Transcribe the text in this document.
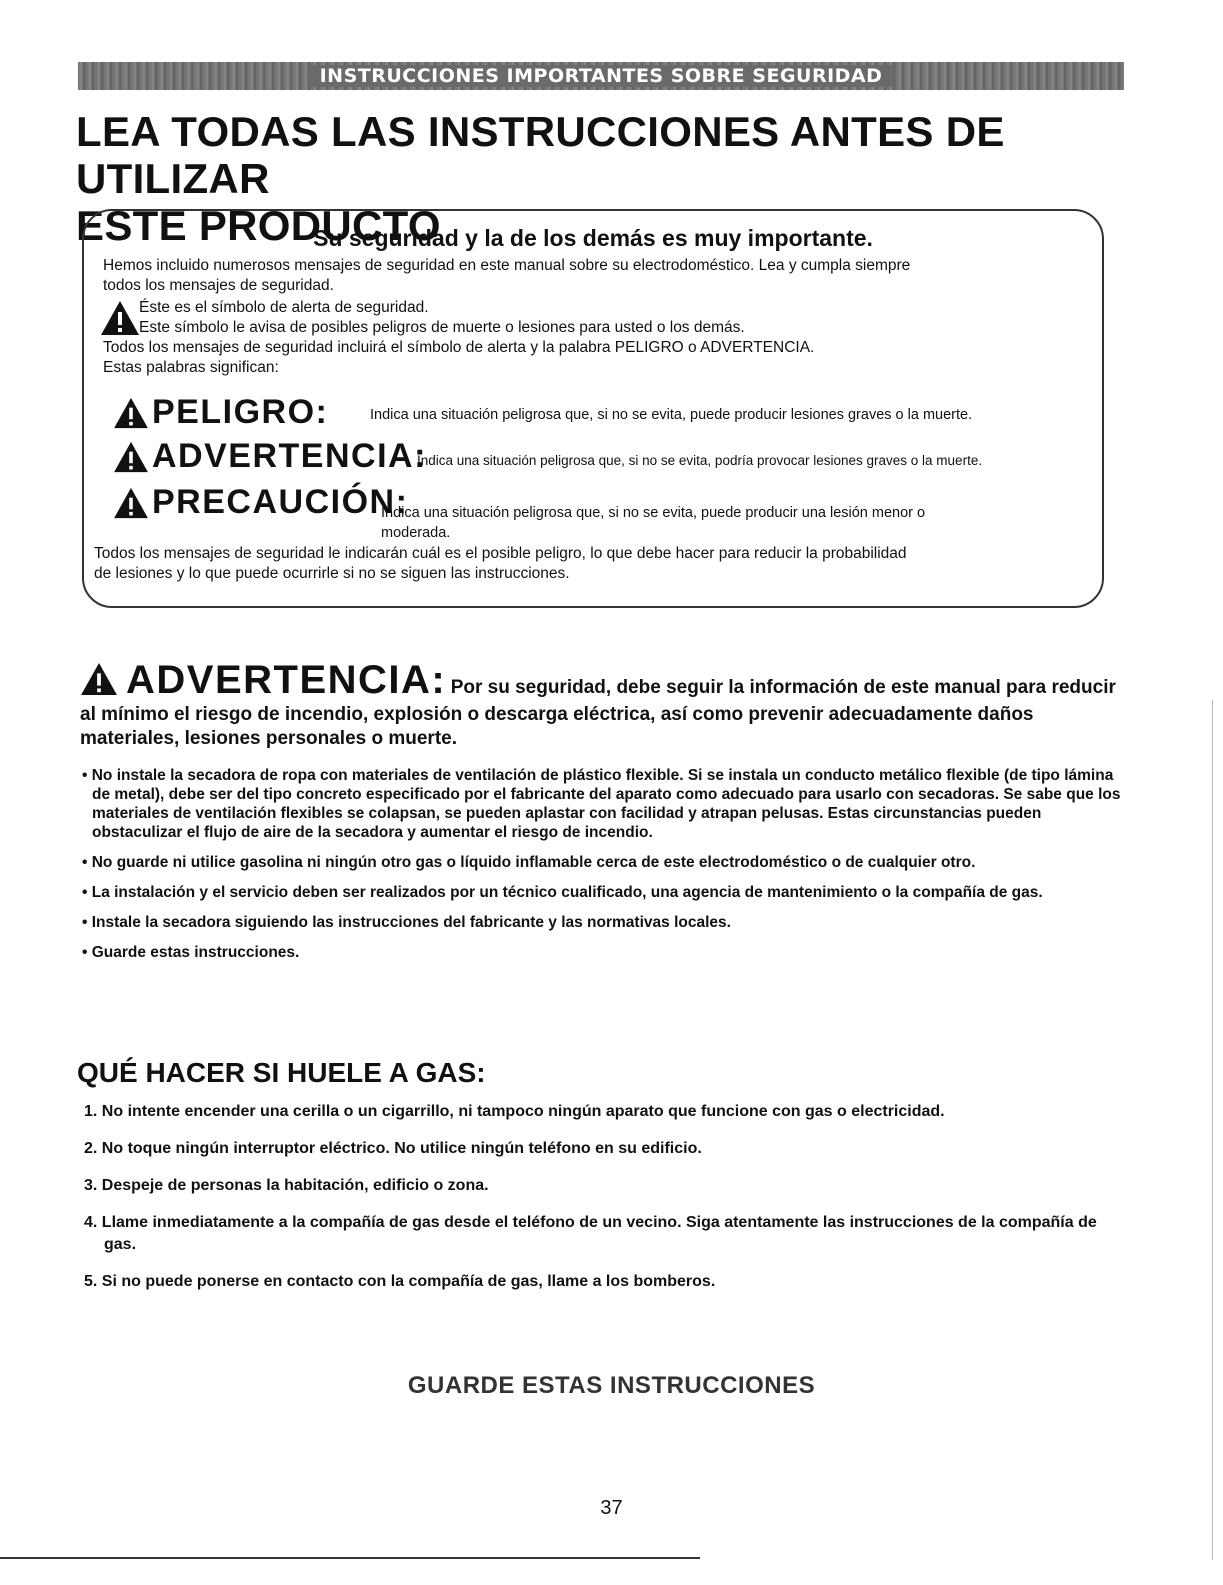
INSTRUCCIONES IMPORTANTES SOBRE SEGURIDAD
LEA TODAS LAS INSTRUCCIONES ANTES DE UTILIZAR
ESTE PRODUCTO
Su seguridad y la de los demás es muy importante.

Hemos incluido numerosos mensajes de seguridad en este manual sobre su electrodoméstico. Lea y cumpla siempre

todos los mensajes de seguridad.

Éste es el símbolo de alerta de seguridad.

Este símbolo le avisa de posibles peligros de muerte o lesiones para usted o los demás.

Todos los mensajes de seguridad incluirá el símbolo de alerta y la palabra PELIGRO o ADVERTENCIA.

Estas palabras significan:

PELIGRO:	Indica una situación peligrosa que, si no se evita, puede producir lesiones graves o la muerte.

ADVERTENCIA:

Indica una situación peligrosa que, si no se evita, podría provocar lesiones graves o la muerte.

PRECAUCIÓN:

Indica una situación peligrosa que, si no se evita, puede producir una lesión menor o

moderada.

Todos los mensajes de seguridad le indicarán cuál es el posible peligro, lo que debe hacer para reducir la probabilidad

de lesiones y lo que puede ocurrirle si no se siguen las instrucciones.

ADVERTENCIA: Por su seguridad, debe seguir la información de este manual para reducir al mínimo el riesgo de incendio, explosión o descarga eléctrica, así como prevenir adecuadamente daños materiales, lesiones personales o muerte.
• No instale la secadora de ropa con materiales de ventilación de plástico flexible. Si se instala un conducto metálico flexible (de tipo lámina de metal), debe ser del tipo concreto especificado por el fabricante del aparato como adecuado para usarlo con secadoras. Se sabe que los materiales de ventilación flexibles se colapsan, se pueden aplastar con facilidad y atrapan pelusas. Estas circunstancias pueden obstaculizar el flujo de aire de la secadora y aumentar el riesgo de incendio.
• No guarde ni utilice gasolina ni ningún otro gas o líquido inflamable cerca de este electrodoméstico o de cualquier otro.
• La instalación y el servicio deben ser realizados por un técnico cualificado, una agencia de mantenimiento o la compañía de gas.
• Instale la secadora siguiendo las instrucciones del fabricante y las normativas locales.
• Guarde estas instrucciones.
QUÉ HACER SI HUELE A GAS:
1. No intente encender una cerilla o un cigarrillo, ni tampoco ningún aparato que funcione con gas o electricidad.
2. No toque ningún interruptor eléctrico. No utilice ningún teléfono en su edificio.
3. Despeje de personas la habitación, edificio o zona.
4. Llame inmediatamente a la compañía de gas desde el teléfono de un vecino. Siga atentamente las instrucciones de la compañía de gas.
5. Si no puede ponerse en contacto con la compañía de gas, llame a los bomberos.
GUARDE ESTAS INSTRUCCIONES
37
